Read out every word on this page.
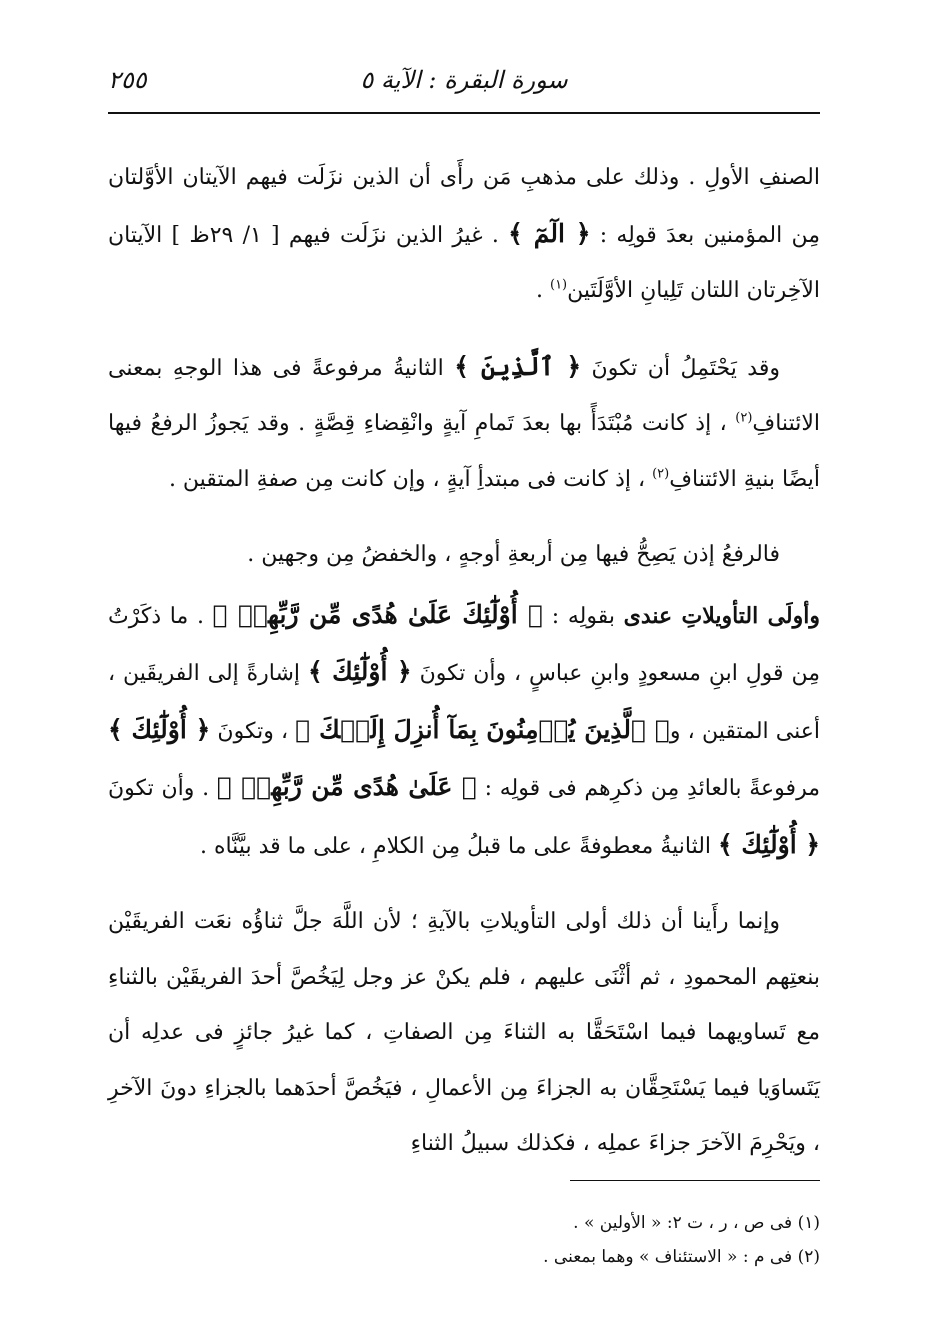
سورة البقرة : الآية ٥
٢٥٥

الصنفِ الأولِ . وذلك على مذهبِ مَن رأَى أن الذين نزَلَت فيهم الآيتان الأوَّلتان مِن المؤمنين بعدَ قولِه : ﴿ الٓمٓ ﴾ . غيرُ الذين نزَلَت فيهم [ ١/ ٢٩ظ ] الآيتان الآخِرتان اللتان تَلِيانِ الأوَّلَتَين$^{(١)}$ .

وقد يَحْتَمِلُ أن تكونَ ﴿ ٱلَّذِينَ ﴾ الثانيةُ مرفوعةً فى هذا الوجهِ بمعنى الائتنافِ$^{(٢)}$ ، إذ كانت مُبْتَدَأً بها بعدَ تَمامِ آيةٍ وانْقِضاءِ قِصَّةٍ . وقد يَجوزُ الرفعُ فيها أيضًا بنيةِ الائتنافِ$^{(٢)}$ ، إذ كانت فى مبتدأِ آيةٍ ، وإن كانت مِن صفةِ المتقين .

فالرفعُ إذن يَصِحُّ فيها مِن أربعةِ أوجهٍ ، والخفضُ مِن وجهين .

وأولَى التأويلاتِ عندى بقولِه : ﴿ أُوْلَٰٓئِكَ عَلَىٰ هُدًى مِّن رَّبِّهِمۡ ﴾ . ما ذكَرْتُ مِن قولِ ابنِ مسعودٍ وابنِ عباسٍ ، وأن تكونَ ﴿ أُوْلَٰٓئِكَ ﴾ إشارةً إلى الفريقَين ، أعنى المتقين ، و﴿ ٱلَّذِينَ يُؤۡمِنُونَ بِمَآ أُنزِلَ إِلَيۡكَ ﴾ ، وتكونَ ﴿ أُوْلَٰٓئِكَ ﴾ مرفوعةً بالعائدِ مِن ذكرِهم فى قولِه : ﴿ عَلَىٰ هُدًى مِّن رَّبِّهِمۡ ﴾ . وأن تكونَ ﴿ أُوْلَٰٓئِكَ ﴾ الثانيةُ معطوفةً على ما قبلُ مِن الكلامِ ، على ما قد بيَّنَّاه .

وإنما رأَينا أن ذلك أولى التأويلاتِ بالآيةِ ؛ لأن اللَّهَ جلَّ ثناؤُه نعَت الفريقَيْن بنعتِهم المحمودِ ، ثم أثْنَى عليهم ، فلم يكنْ عز وجل لِيَخُصَّ أحدَ الفريقَيْن بالثناءِ مع تَساويهما فيما اسْتَحَقَّا به الثناءَ مِن الصفاتِ ، كما غيرُ جائزٍ فى عدلِه أن يَتَساوَيا فيما يَسْتَحِقَّان به الجزاءَ مِن الأعمالِ ، فيَخُصَّ أحدَهما بالجزاءِ دونَ الآخرِ ، ويَحْرِمَ الآخرَ جزاءَ عملِه ، فكذلك سبيلُ الثناءِ

(١) فى ص ، ر ، ت ٢: « الأولين » .
(٢) فى م : « الاستئناف » وهما بمعنى .
